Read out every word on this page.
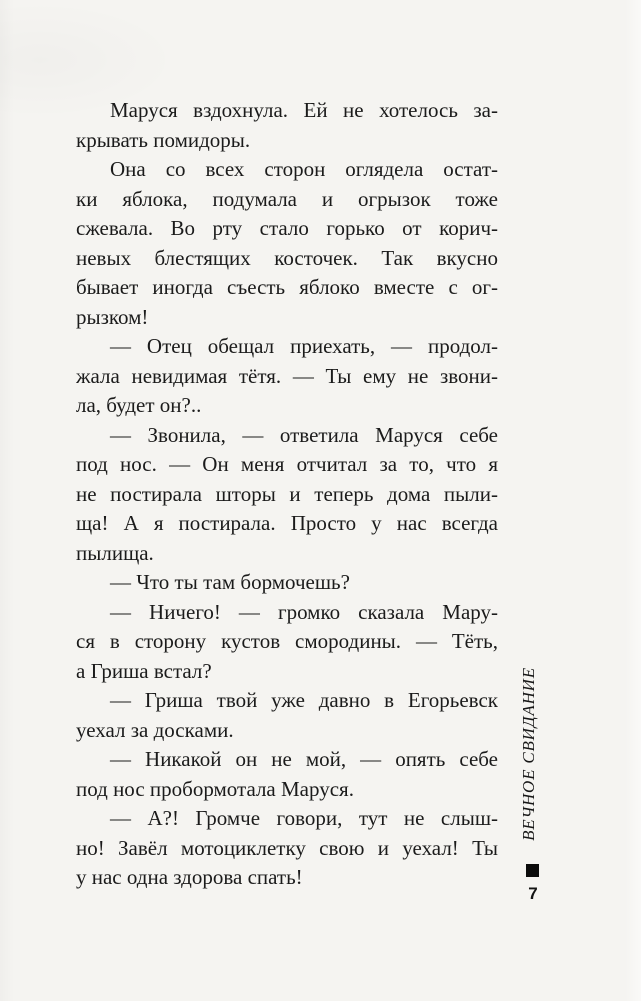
Маруся вздохнула. Ей не хотелось за-
крывать помидоры.
Она со всех сторон оглядела остат-
ки яблока, подумала и огрызок тоже
сжевала. Во рту стало горько от корич-
невых блестящих косточек. Так вкусно
бывает иногда съесть яблоко вместе с ог-
рызком!
— Отец обещал приехать, — продол-
жала невидимая тётя. — Ты ему не звони-
ла, будет он?..
— Звонила, — ответила Маруся себе
под нос. — Он меня отчитал за то, что я
не постирала шторы и теперь дома пыли-
ща! А я постирала. Просто у нас всегда
пылища.
— Что ты там бормочешь?
— Ничего! — громко сказала Мару-
ся в сторону кустов смородины. — Тёть,
а Гриша встал?
— Гриша твой уже давно в Егорьевск
уехал за досками.
— Никакой он не мой, — опять себе
под нос пробормотала Маруся.
— А?! Громче говори, тут не слыш-
но! Завёл мотоциклетку свою и уехал! Ты
у нас одна здорова спать!
ВЕЧНОЕ СВИДАНИЕ
7
